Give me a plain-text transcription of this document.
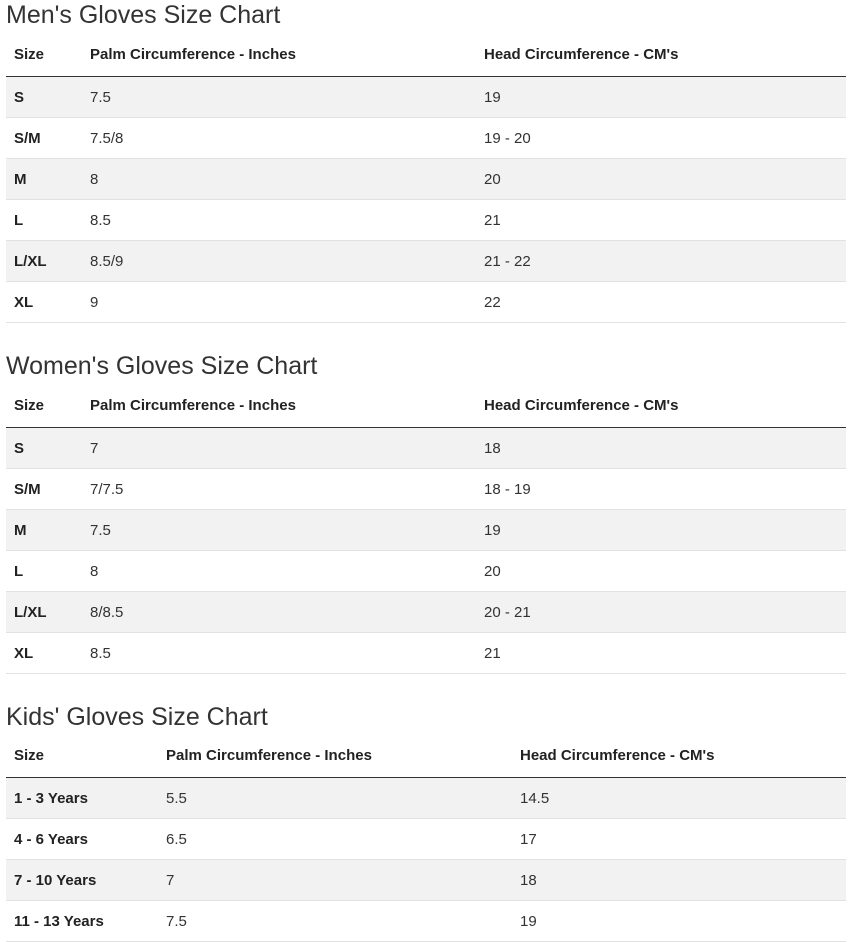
Men's Gloves Size Chart
Size	Palm Circumference - Inches	Head Circumference - CM's
S	7.5	19
S/M	7.5/8	19 - 20
M	8	20
L	8.5	21
L/XL	8.5/9	21 - 22
XL	9	22
Women's Gloves Size Chart
Size	Palm Circumference - Inches	Head Circumference - CM's
S	7	18
S/M	7/7.5	18 - 19
M	7.5	19
L	8	20
L/XL	8/8.5	20 - 21
XL	8.5	21
Kids' Gloves Size Chart
Size	Palm Circumference - Inches	Head Circumference - CM's
1 - 3 Years	5.5	14.5
4 - 6 Years	6.5	17
7 - 10 Years	7	18
11 - 13 Years	7.5	19
